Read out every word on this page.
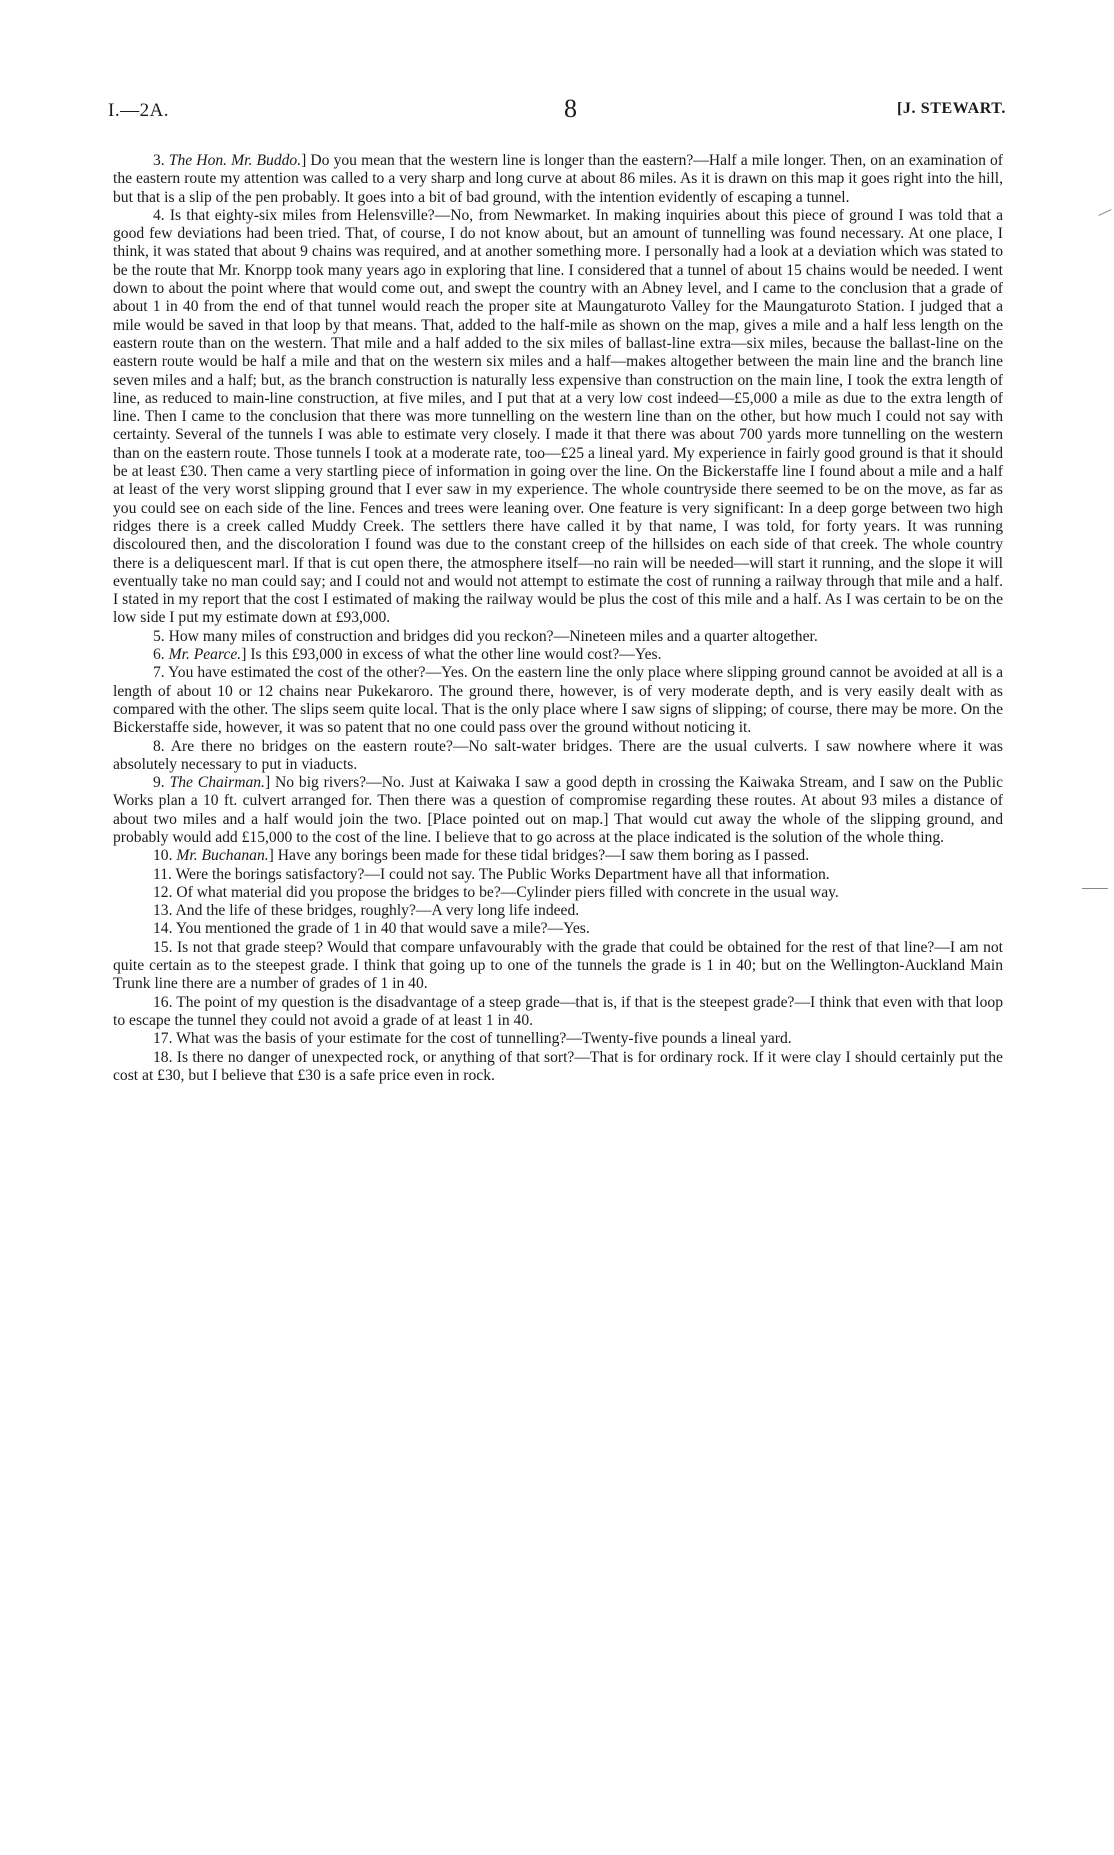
I.—2A.	8	[J. STEWART.

3. The Hon. Mr. Buddo.] Do you mean that the western line is longer than the eastern?—Half a mile longer. Then, on an examination of the eastern route my attention was called to a very sharp and long curve at about 86 miles. As it is drawn on this map it goes right into the hill, but that is a slip of the pen probably. It goes into a bit of bad ground, with the intention evidently of escaping a tunnel.

4. Is that eighty-six miles from Helensville?—No, from Newmarket. In making inquiries about this piece of ground I was told that a good few deviations had been tried. That, of course, I do not know about, but an amount of tunnelling was found necessary. At one place, I think, it was stated that about 9 chains was required, and at another something more. I personally had a look at a deviation which was stated to be the route that Mr. Knorpp took many years ago in exploring that line. I considered that a tunnel of about 15 chains would be needed. I went down to about the point where that would come out, and swept the country with an Abney level, and I came to the conclusion that a grade of about 1 in 40 from the end of that tunnel would reach the proper site at Maungaturoto Valley for the Maungaturoto Station. I judged that a mile would be saved in that loop by that means. That, added to the half-mile as shown on the map, gives a mile and a half less length on the eastern route than on the western. That mile and a half added to the six miles of ballast-line extra—six miles, because the ballast-line on the eastern route would be half a mile and that on the western six miles and a half—makes altogether between the main line and the branch line seven miles and a half; but, as the branch construction is naturally less expensive than construction on the main line, I took the extra length of line, as reduced to main-line construction, at five miles, and I put that at a very low cost indeed—£5,000 a mile as due to the extra length of line. Then I came to the conclusion that there was more tunnelling on the western line than on the other, but how much I could not say with certainty. Several of the tunnels I was able to estimate very closely. I made it that there was about 700 yards more tunnelling on the western than on the eastern route. Those tunnels I took at a moderate rate, too—£25 a lineal yard. My experience in fairly good ground is that it should be at least £30. Then came a very startling piece of information in going over the line. On the Bickerstaffe line I found about a mile and a half at least of the very worst slipping ground that I ever saw in my experience. The whole countryside there seemed to be on the move, as far as you could see on each side of the line. Fences and trees were leaning over. One feature is very significant: In a deep gorge between two high ridges there is a creek called Muddy Creek. The settlers there have called it by that name, I was told, for forty years. It was running discoloured then, and the discoloration I found was due to the constant creep of the hillsides on each side of that creek. The whole country there is a deliquescent marl. If that is cut open there, the atmosphere itself—no rain will be needed—will start it running, and the slope it will eventually take no man could say; and I could not and would not attempt to estimate the cost of running a railway through that mile and a half. I stated in my report that the cost I estimated of making the railway would be plus the cost of this mile and a half. As I was certain to be on the low side I put my estimate down at £93,000.

5. How many miles of construction and bridges did you reckon?—Nineteen miles and a quarter altogether.

6. Mr. Pearce.] Is this £93,000 in excess of what the other line would cost?—Yes.

7. You have estimated the cost of the other?—Yes. On the eastern line the only place where slipping ground cannot be avoided at all is a length of about 10 or 12 chains near Pukekaroro. The ground there, however, is of very moderate depth, and is very easily dealt with as compared with the other. The slips seem quite local. That is the only place where I saw signs of slipping; of course, there may be more. On the Bickerstaffe side, however, it was so patent that no one could pass over the ground without noticing it.

8. Are there no bridges on the eastern route?—No salt-water bridges. There are the usual culverts. I saw nowhere where it was absolutely necessary to put in viaducts.

9. The Chairman.] No big rivers?—No. Just at Kaiwaka I saw a good depth in crossing the Kaiwaka Stream, and I saw on the Public Works plan a 10 ft. culvert arranged for. Then there was a question of compromise regarding these routes. At about 93 miles a distance of about two miles and a half would join the two. [Place pointed out on map.] That would cut away the whole of the slipping ground, and probably would add £15,000 to the cost of the line. I believe that to go across at the place indicated is the solution of the whole thing.

10. Mr. Buchanan.] Have any borings been made for these tidal bridges?—I saw them boring as I passed.

11. Were the borings satisfactory?—I could not say. The Public Works Department have all that information.

12. Of what material did you propose the bridges to be?—Cylinder piers filled with concrete in the usual way.

13. And the life of these bridges, roughly?—A very long life indeed.

14. You mentioned the grade of 1 in 40 that would save a mile?—Yes.

15. Is not that grade steep? Would that compare unfavourably with the grade that could be obtained for the rest of that line?—I am not quite certain as to the steepest grade. I think that going up to one of the tunnels the grade is 1 in 40; but on the Wellington-Auckland Main Trunk line there are a number of grades of 1 in 40.

16. The point of my question is the disadvantage of a steep grade—that is, if that is the steepest grade?—I think that even with that loop to escape the tunnel they could not avoid a grade of at least 1 in 40.

17. What was the basis of your estimate for the cost of tunnelling?—Twenty-five pounds a lineal yard.

18. Is there no danger of unexpected rock, or anything of that sort?—That is for ordinary rock. If it were clay I should certainly put the cost at £30, but I believe that £30 is a safe price even in rock.
